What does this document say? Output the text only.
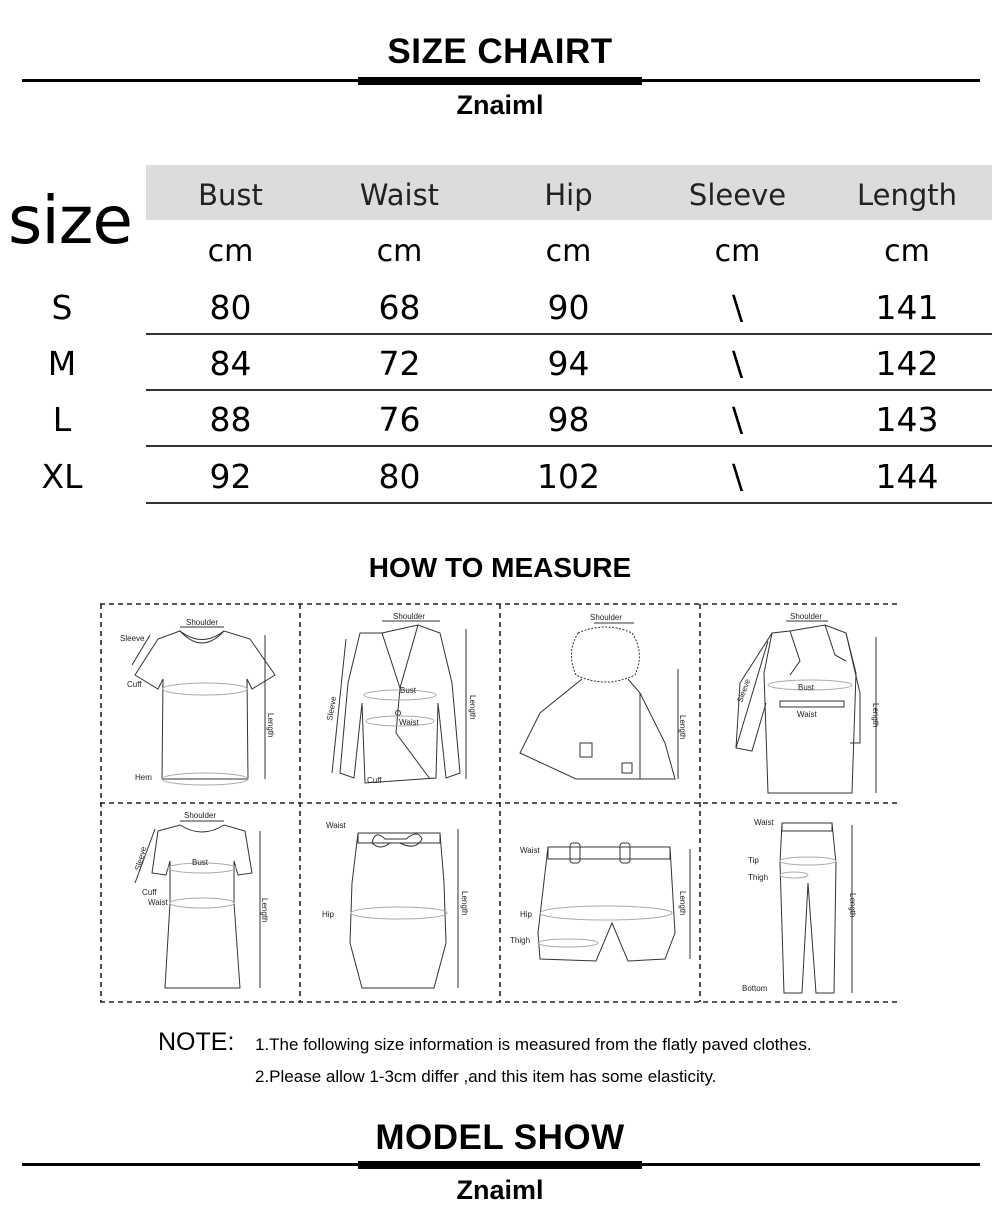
SIZE CHAIRT
Znaiml
size	Bust	Waist	Hip	Sleeve	Length
cm	cm	cm	cm	cm
S	80	68	90	\	141
M	84	72	94	\	142
L	88	76	98	\	143
XL	92	80	102	\	144
HOW TO MEASURE
Shoulder
Sleeve
Cuff
Hem
Length
Shoulder
Sleeve
Bust
Waist
Cuff
Length
Shoulder
Length
Shoulder
Sleeve	Bust
Waist	Length
Shoulder
Sleeve	Bust
Cuff
Waist	Length
Waist
Hip	Length
Waist
Hip
Thigh
Length
Waist
Tip
Thigh
Bottom
Length
NOTE: 1.The following size information is measured from the flatly paved clothes.
2.Please allow 1-3cm differ ,and this item has some elasticity.
MODEL SHOW
Znaiml
